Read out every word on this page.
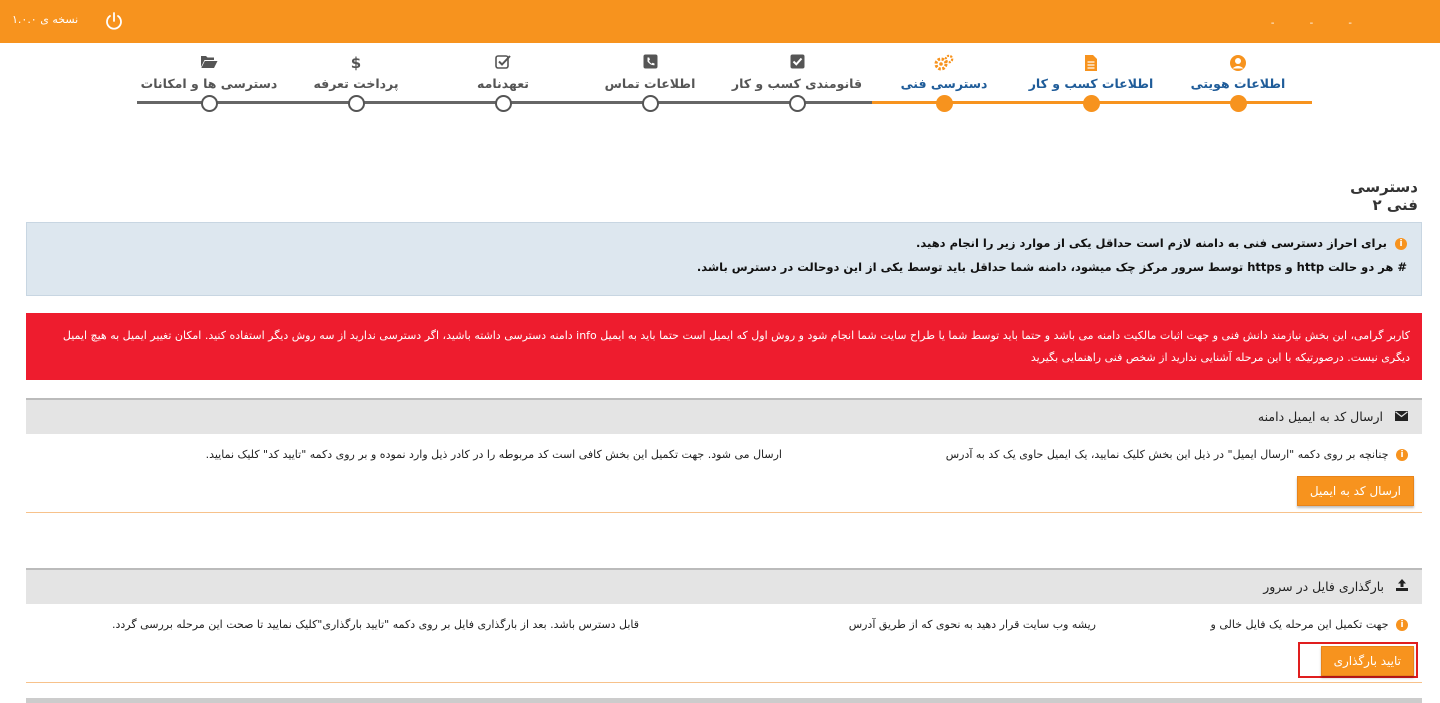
نسخه ی ۱.۰.۰	- - -
اطلاعات هویتی
اطلاعات کسب و کار
دسترسی فنی
قانومندی کسب و کار
اطلاعات تماس
تعهدنامه
$
پرداخت تعرفه
دسترسی ها و امکانات
دسترسی فنی ۲
i برای احراز دسترسی فنی به دامنه لازم است حداقل یکی از موارد زیر را انجام دهید.
# هر دو حالت http و https توسط سرور مرکز چک میشود، دامنه شما حداقل باید توسط یکی از این دوحالت در دسترس باشد.
کاربر گرامی، این بخش نیازمند دانش فنی و جهت اثبات مالکیت دامنه می باشد و حتما باید توسط شما یا طراح سایت شما انجام شود و روش اول که ایمیل است حتما باید به ایمیل info دامنه دسترسی داشته باشید، اگر دسترسی ندارید از سه روش دیگر استفاده کنید. امکان تغییر ایمیل به هیچ ایمیل دیگری نیست. درصورتیکه با این مرحله آشنایی ندارید از شخص فنی راهنمایی بگیرید
ارسال کد به ایمیل دامنه
i چنانچه بر روی دکمه "ارسال ایمیل" در ذیل این بخش کلیک نمایید، یک ایمیل حاوی یک کد به آدرس
ارسال می شود. جهت تکمیل این بخش کافی است کد مربوطه را در کادر ذیل وارد نموده و بر روی دکمه "تایید کد" کلیک نمایید.
ارسال کد به ایمیل
بارگذاری فایل در سرور
i جهت تکمیل این مرحله یک فایل خالی و
ریشه وب سایت قرار دهید به نحوی که از طریق آدرس
قابل دسترس باشد. بعد از بارگذاری فایل بر روی دکمه "تایید بارگذاری"کلیک نمایید تا صحت این مرحله بررسی گردد.
تایید بارگذاری
